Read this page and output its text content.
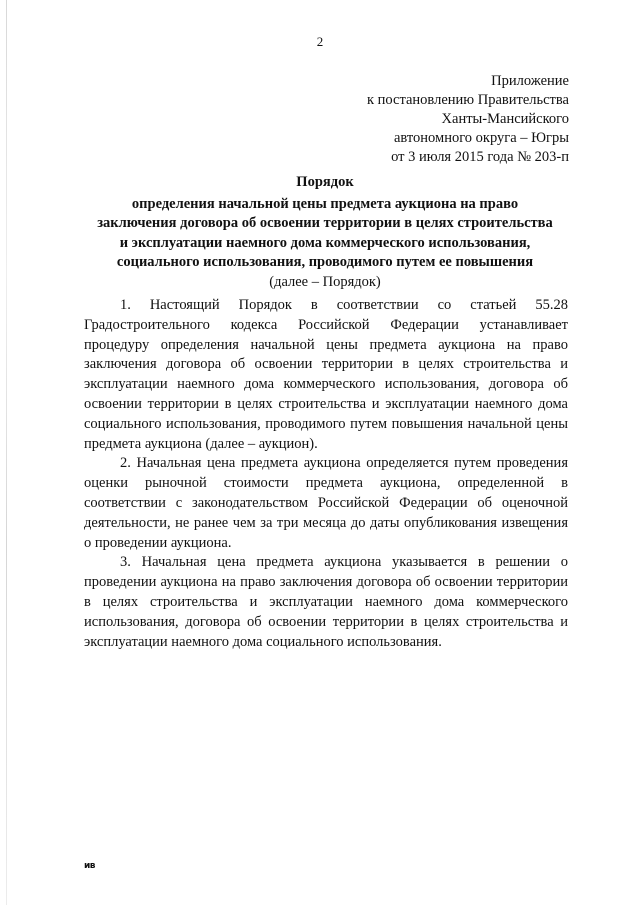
2
Приложение
к постановлению Правительства
Ханты-Мансийского
автономного округа – Югры
от 3 июля 2015 года № 203-п
Порядок
определения начальной цены предмета аукциона на право
заключения договора об освоении территории в целях строительства
и эксплуатации наемного дома коммерческого использования,
социального использования, проводимого путем ее повышения
(далее – Порядок)

1. Настоящий Порядок в соответствии со статьей 55.28 Градостроительного кодекса Российской Федерации устанавливает процедуру определения начальной цены предмета аукциона на право заключения договора об освоении территории в целях строительства и эксплуатации наемного дома коммерческого использования, договора об освоении территории в целях строительства и эксплуатации наемного дома социального использования, проводимого путем повышения начальной цены предмета аукциона (далее – аукцион).

2. Начальная цена предмета аукциона определяется путем проведения оценки рыночной стоимости предмета аукциона, определенной в соответствии с законодательством Российской Федерации об оценочной деятельности, не ранее чем за три месяца до даты опубликования извещения о проведении аукциона.

3. Начальная цена предмета аукциона указывается в решении о проведении аукциона на право заключения договора об освоении территории в целях строительства и эксплуатации наемного дома коммерческого использования, договора об освоении территории в целях строительства и эксплуатации наемного дома социального использования.

ив
